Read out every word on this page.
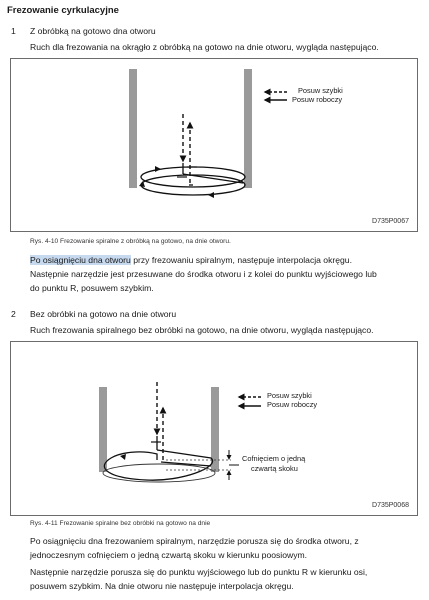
Frezowanie cyrkulacyjne
1 Z obróbką na gotowo dna otworu
Ruch dla frezowania na okrągło z obróbką na gotowo na dnie otworu, wygląda następująco.
Posuw szybki
Posuw roboczy
D735P0067
Rys. 4-10 Frezowanie spiralne z obróbką na gotowo, na dnie otworu.
Po osiągnięciu dna otworu przy frezowaniu spiralnym, następuje interpolacja okręgu.
Następnie narzędzie jest przesuwane do środka otworu i z kolei do punktu wyjściowego lub
do punktu R, posuwem szybkim.
2 Bez obróbki na gotowo na dnie otworu
Ruch frezowania spiralnego bez obróbki na gotowo, na dnie otworu, wygląda następująco.
Posuw szybki
Posuw roboczy
Cofnięciem o jedną
czwartą skoku
D735P0068
Rys. 4-11 Frezowanie spiralne bez obróbki na gotowo na dnie
Po osiągnięciu dna frezowaniem spiralnym, narzędzie porusza się do środka otworu, z
jednoczesnym cofnięciem o jedną czwartą skoku w kierunku poosiowym.
Następnie narzędzie porusza się do punktu wyjściowego lub do punktu R w kierunku osi,
posuwem szybkim. Na dnie otworu nie następuje interpolacja okręgu.
